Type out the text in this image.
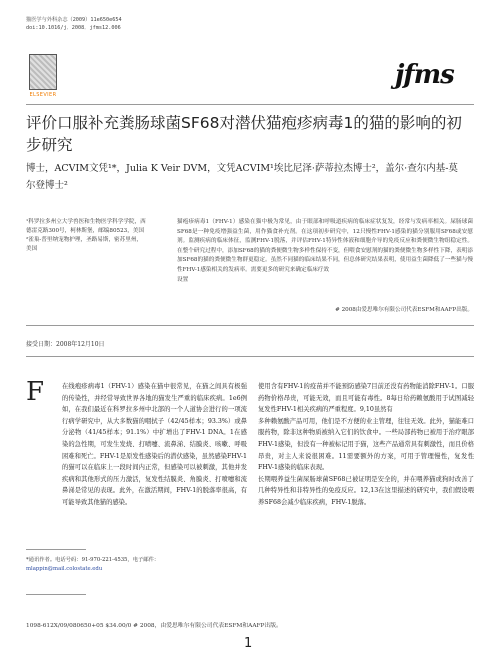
猫医学与外科杂志（2009）11e650e654
doi:10.1016/j．2008．jfms12.006
ELSEVIER
jfms
评价口服补充粪肠球菌SF68对潜伏猫疱疹病毒1的猫的影响的初步研究
博士，ACVIM文凭¹*，Julia K Veir DVM，文凭ACVIM¹埃比尼泽·萨蒂拉杰博士²，盖尔·查尔内基-莫尔登博士²
¹科罗拉多州立大学兽医和生物医学科学学院，西德雷克路300号，柯林斯堡，邮编80523，美国²雀巢-普里纳宠物护理，圣路易斯，密苏里州，美国
猫疱疹病毒1（FHV-1）感染在猫中极为常见，由于眼部和呼吸道疾病的临床症状复发，经常与发病率相关。屎肠球菌SF68是一种免疫增强益生菌，用作猫食补充剂。在这项初步研究中，12只慢性FHV-1感染的猫分别服用SF68或安慰剂。监测疾病的临床体征，监测FHV-1脱落，并评估FHV-1特异性体液和细胞介导的免疫反应和粪便微生物组稳定性。在整个研究过程中，添加SF68的猫的粪便微生物多样性保持不变，但喂食安慰剂的猫的粪便微生物多样性下降，表明添加SF68的猫的粪便微生物群更稳定。虽然不同猫的临床结果不同，但总体研究结果表明，使用益生菌降低了一些猫与慢性FHV-1感染相关的发病率。需要更多的研究来确定临床疗效
设置
# 2008由爱思唯尔有限公司代表ESFM和AAFP出版。
接受日期：2008年12月10日
F	在线疱疹病毒1（FHV-1）感染在猫中很常见，在猫之间具有极强的传染性，并经常导致世界各地的猫发生严重的临床疾病。1e6例如，在我们最近在科罗拉多州中北部的一个人道协会进行的一项流行病学研究中，从大多数猫的咽拭子（42/45样本；93.3%）或鼻分泌物（41/45样本；91.1%）中扩增出了FHV-1 DNA。1在感染的急性期，可发生发烧、打喷嚏、流鼻涕、结膜炎、咳嗽、呼吸困难和死亡。FHV-1是原发性感染后的潜伏感染，虽然感染FHV-1的猫可以在临床上一段时间内正常，但感染可以被刺激，其他并发疾病和其他形式的压力激活，复发性结膜炎、角膜炎、打喷嚏和流鼻涕是常见的表现。此外，在激活期间，FHV-1的脱落率很高，有可能导致其他猫的感染。

使用含有FHV-1的疫苗并不能预防感染7目前还没有药物能消除FHV-1。口服药物价格昂贵，可能无效，而且可能有毒性。8每日给药赖氨酸用于试图减轻复发性FHV-1相关疾病的严重程度。9,10虽然有

多种赖氨酸产品可用，他们是不方便的业主管理，往往无效。此外，猫能难口服药物，除非这种物质被纳入它们的饮食中。一些局部药物已被用于治疗眼部FHV-1感染，但没有一种被标记用于猫，这些产品通常具有刺激性，而且价格昂贵，对主人来说很困难。11需要额外的方案，可用于管理慢性，复发性FHV-1感染的临床表现。

长期喂养益生菌屎肠球菌SF68已被证明是安全的，并在喂养猫或狗时改善了几种特异性和非特异性的免疫反应。12,13在这里描述的研究中，我们假设喂养SF68会减少临床疾病，FHV-1脱落。

*通讯作者。电话号码：91-970-221-4535，电子邮件：
mlappin@mail.colostate.edu
1098-612X/09/080650+05 $34.00/0 # 2008，由爱思唯尔有限公司代表ESFM和AAFP出版。
1
